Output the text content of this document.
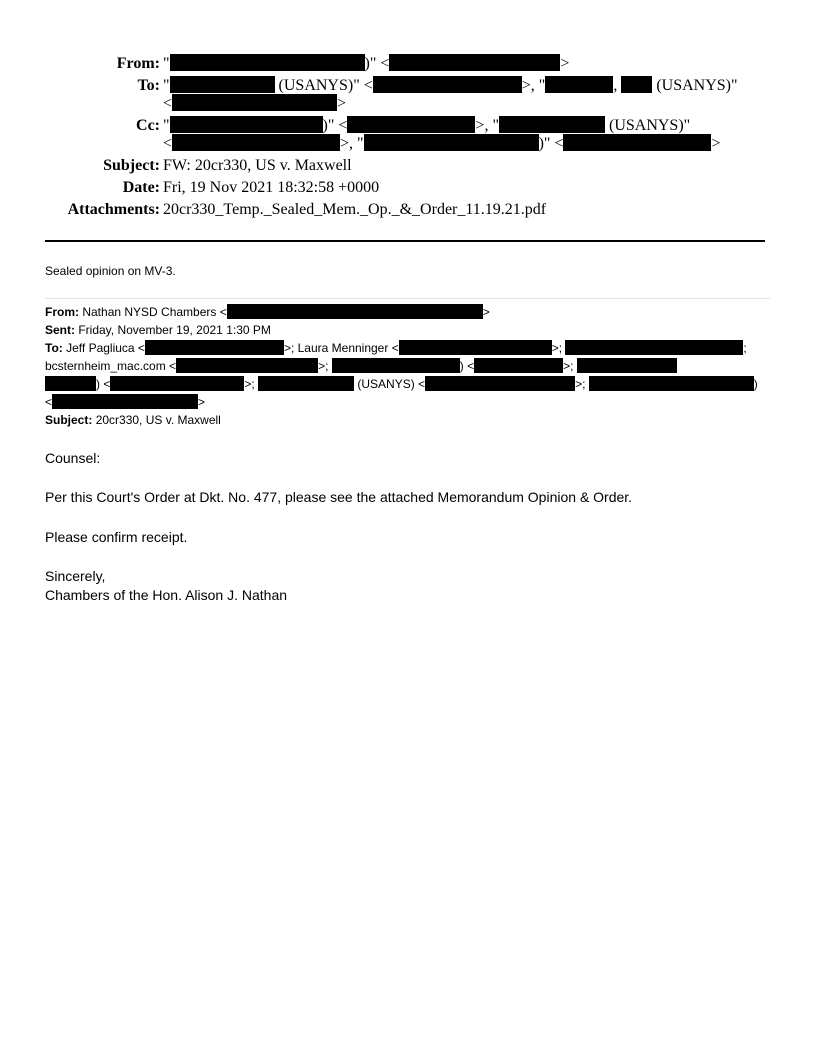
From: "	)" <	>
To: "	(USANYS)" <	>, "	,  (USANYS)"
<	>
Cc: "	)" <	>, "	(USANYS)"
<	>, "	)" <	>
Subject: FW: 20cr330, US v. Maxwell
Date: Fri, 19 Nov 2021 18:32:58 +0000
Attachments: 20cr330_Temp._Sealed_Mem._Op._&_Order_11.19.21.pdf
Sealed opinion on MV-3.
From: Nathan NYSD Chambers <	>
Sent: Friday, November 19, 2021 1:30 PM
To: Jeff Pagliuca <	>; Laura Menninger <	>;	;
bcsternheim_mac.com <	>;	) <	>;
) <	>;	(USANYS) <	>;	)
<	>
Subject: 20cr330, US v. Maxwell
Counsel:
Per this Court's Order at Dkt. No. 477, please see the attached Memorandum Opinion & Order.
Please confirm receipt.
Sincerely,
Chambers of the Hon. Alison J. Nathan
